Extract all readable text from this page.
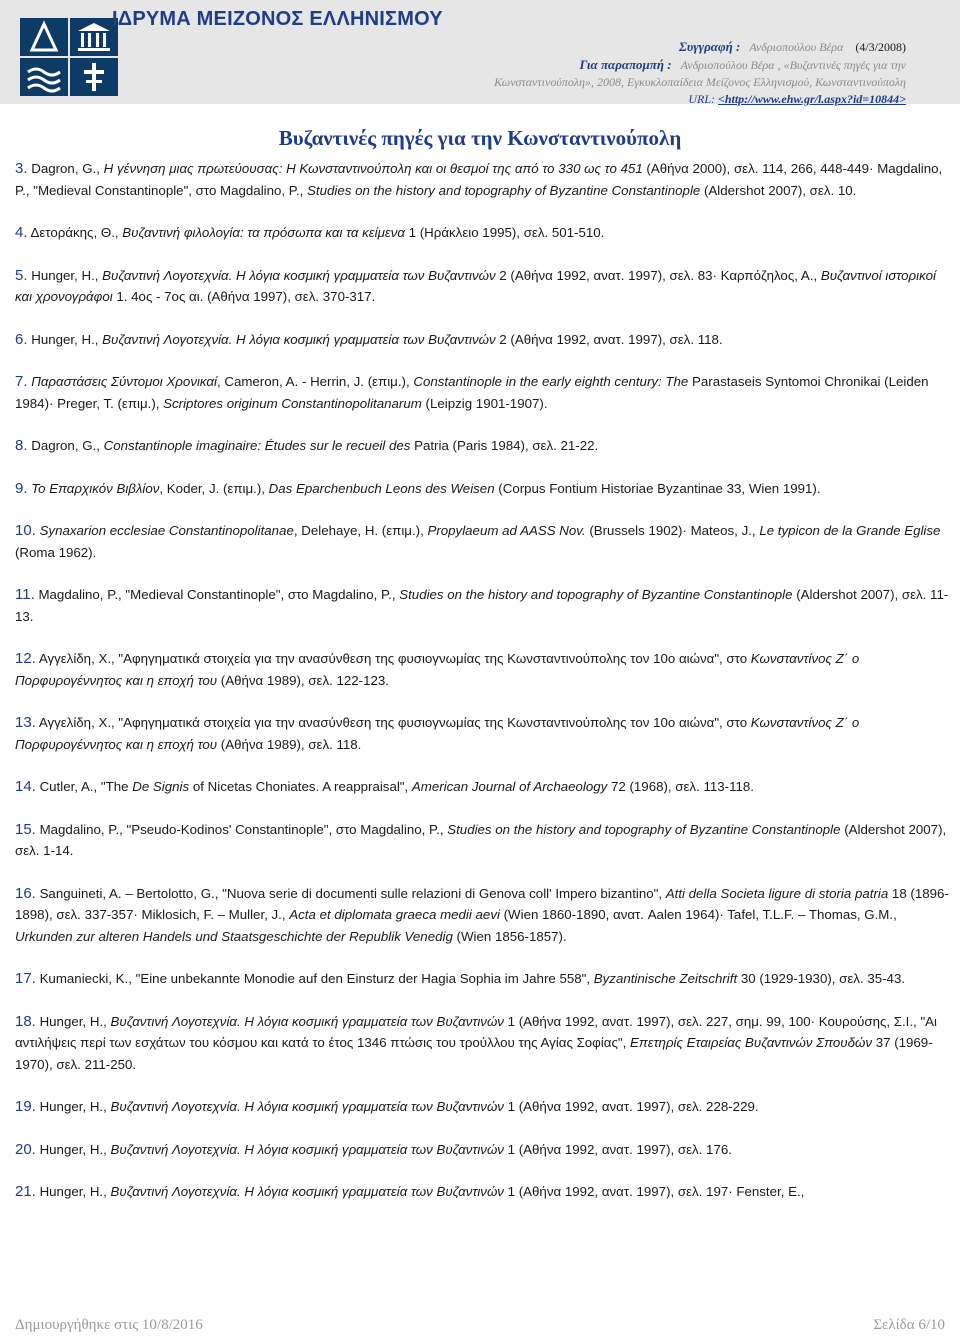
ΙΔΡΥΜΑ ΜΕΙΖΟΝΟΣ ΕΛΛΗΝΙΣΜΟΥ
Συγγραφή : Ανδριοπούλου Βέρα (4/3/2008)
Για παραπομπή : Ανδριοπούλου Βέρα , «Βυζαντινές πηγές για την
Κωνσταντινούπολη», 2008, Εγκυκλοπαίδεια Μείζονος Ελληνισμού, Κωνσταντινούπολη
URL: <http://www.ehw.gr/l.aspx?id=10844>
Βυζαντινές πηγές για την Κωνσταντινούπολη

3. Dagron, G., Η γέννηση μιας πρωτεύουσας: Η Κωνσταντινούπολη και οι θεσμοί της από το 330 ως το 451 (Αθήνα 2000), σελ. 114, 266, 448-449· Magdalino, P., "Medieval Constantinople", στο Magdalino, P., Studies on the history and topography of Byzantine Constantinople (Aldershot 2007), σελ. 10.

4. Δετοράκης, Θ., Βυζαντινή φιλολογία: τα πρόσωπα και τα κείμενα 1 (Ηράκλειο 1995), σελ. 501-510.

5. Hunger, H., Βυζαντινή Λογοτεχνία. Η λόγια κοσμική γραμματεία των Βυζαντινών 2 (Αθήνα 1992, ανατ. 1997), σελ. 83· Καρπόζηλος, Α., Βυζαντινοί ιστορικοί και χρονογράφοι 1. 4ος - 7ος αι. (Αθήνα 1997), σελ. 370-317.

6. Hunger, H., Βυζαντινή Λογοτεχνία. Η λόγια κοσμική γραμματεία των Βυζαντινών 2 (Αθήνα 1992, ανατ. 1997), σελ. 118.

7. Παραστάσεις Σύντομοι Χρονικαί, Cameron, A. - Herrin, J. (επιμ.), Constantinople in the early eighth century: The Parastaseis Syntomoi Chronikai (Leiden 1984)· Preger, T. (επιμ.), Scriptores originum Constantinopolitanarum (Leipzig 1901-1907).

8. Dagron, G., Constantinople imaginaire: Études sur le recueil des Patria (Paris 1984), σελ. 21-22.

9. Το Επαρχικόν Βιβλίον, Koder, J. (επιμ.), Das Eparchenbuch Leons des Weisen (Corpus Fontium Historiae Byzantinae 33, Wien 1991).

10. Synaxarion ecclesiae Constantinopolitanae, Delehaye, H. (επιμ.), Propylaeum ad AASS Nov. (Brussels 1902)· Mateos, J., Le typicon de la Grande Eglise (Roma 1962).

11. Magdalino, P., "Medieval Constantinople", στο Magdalino, P., Studies on the history and topography of Byzantine Constantinople (Aldershot 2007), σελ. 11-13.

12. Αγγελίδη, Χ., "Αφηγηματικά στοιχεία για την ανασύνθεση της φυσιογνωμίας της Κωνσταντινούπολης τον 10ο αιώνα", στο Κωνσταντίνος Ζ΄ ο Πορφυρογέννητος και η εποχή του (Αθήνα 1989), σελ. 122-123.

13. Αγγελίδη, Χ., "Αφηγηματικά στοιχεία για την ανασύνθεση της φυσιογνωμίας της Κωνσταντινούπολης τον 10ο αιώνα", στο Κωνσταντίνος Ζ΄ ο Πορφυρογέννητος και η εποχή του (Αθήνα 1989), σελ. 118.

14. Cutler, A., "The De Signis of Nicetas Choniates. A reappraisal", American Journal of Archaeology 72 (1968), σελ. 113-118.

15. Magdalino, P., "Pseudo-Kodinos' Constantinople", στο Magdalino, P., Studies on the history and topography of Byzantine Constantinople (Aldershot 2007), σελ. 1-14.

16. Sanguineti, A. – Bertolotto, G., "Nuova serie di documenti sulle relazioni di Genova coll' Impero bizantino", Atti della Societa ligure di storia patria 18 (1896-1898), σελ. 337-357· Miklosich, F. – Muller, J., Acta et diplomata graeca medii aevi (Wien 1860-1890, ανατ. Aalen 1964)· Tafel, T.L.F. – Thomas, G.M., Urkunden zur alteren Handels und Staatsgeschichte der Republik Venedig (Wien 1856-1857).

17. Kumaniecki, K., "Eine unbekannte Monodie auf den Einsturz der Hagia Sophia im Jahre 558", Byzantinische Zeitschrift 30 (1929-1930), σελ. 35-43.

18. Hunger, H., Βυζαντινή Λογοτεχνία. Η λόγια κοσμική γραμματεία των Βυζαντινών 1 (Αθήνα 1992, ανατ. 1997), σελ. 227, σημ. 99, 100· Κουρούσης, Σ.Ι., "Αι αντιλήψεις περί των εσχάτων του κόσμου και κατά το έτος 1346 πτώσις του τρούλλου της Αγίας Σοφίας", Επετηρίς Εταιρείας Βυζαντινών Σπουδών 37 (1969-1970), σελ. 211-250.

19. Hunger, H., Βυζαντινή Λογοτεχνία. Η λόγια κοσμική γραμματεία των Βυζαντινών 1 (Αθήνα 1992, ανατ. 1997), σελ. 228-229.

20. Hunger, H., Βυζαντινή Λογοτεχνία. Η λόγια κοσμική γραμματεία των Βυζαντινών 1 (Αθήνα 1992, ανατ. 1997), σελ. 176.

21. Hunger, H., Βυζαντινή Λογοτεχνία. Η λόγια κοσμική γραμματεία των Βυζαντινών 1 (Αθήνα 1992, ανατ. 1997), σελ. 197· Fenster, E.,

Δημιουργήθηκε στις 10/8/2016	Σελίδα 6/10
